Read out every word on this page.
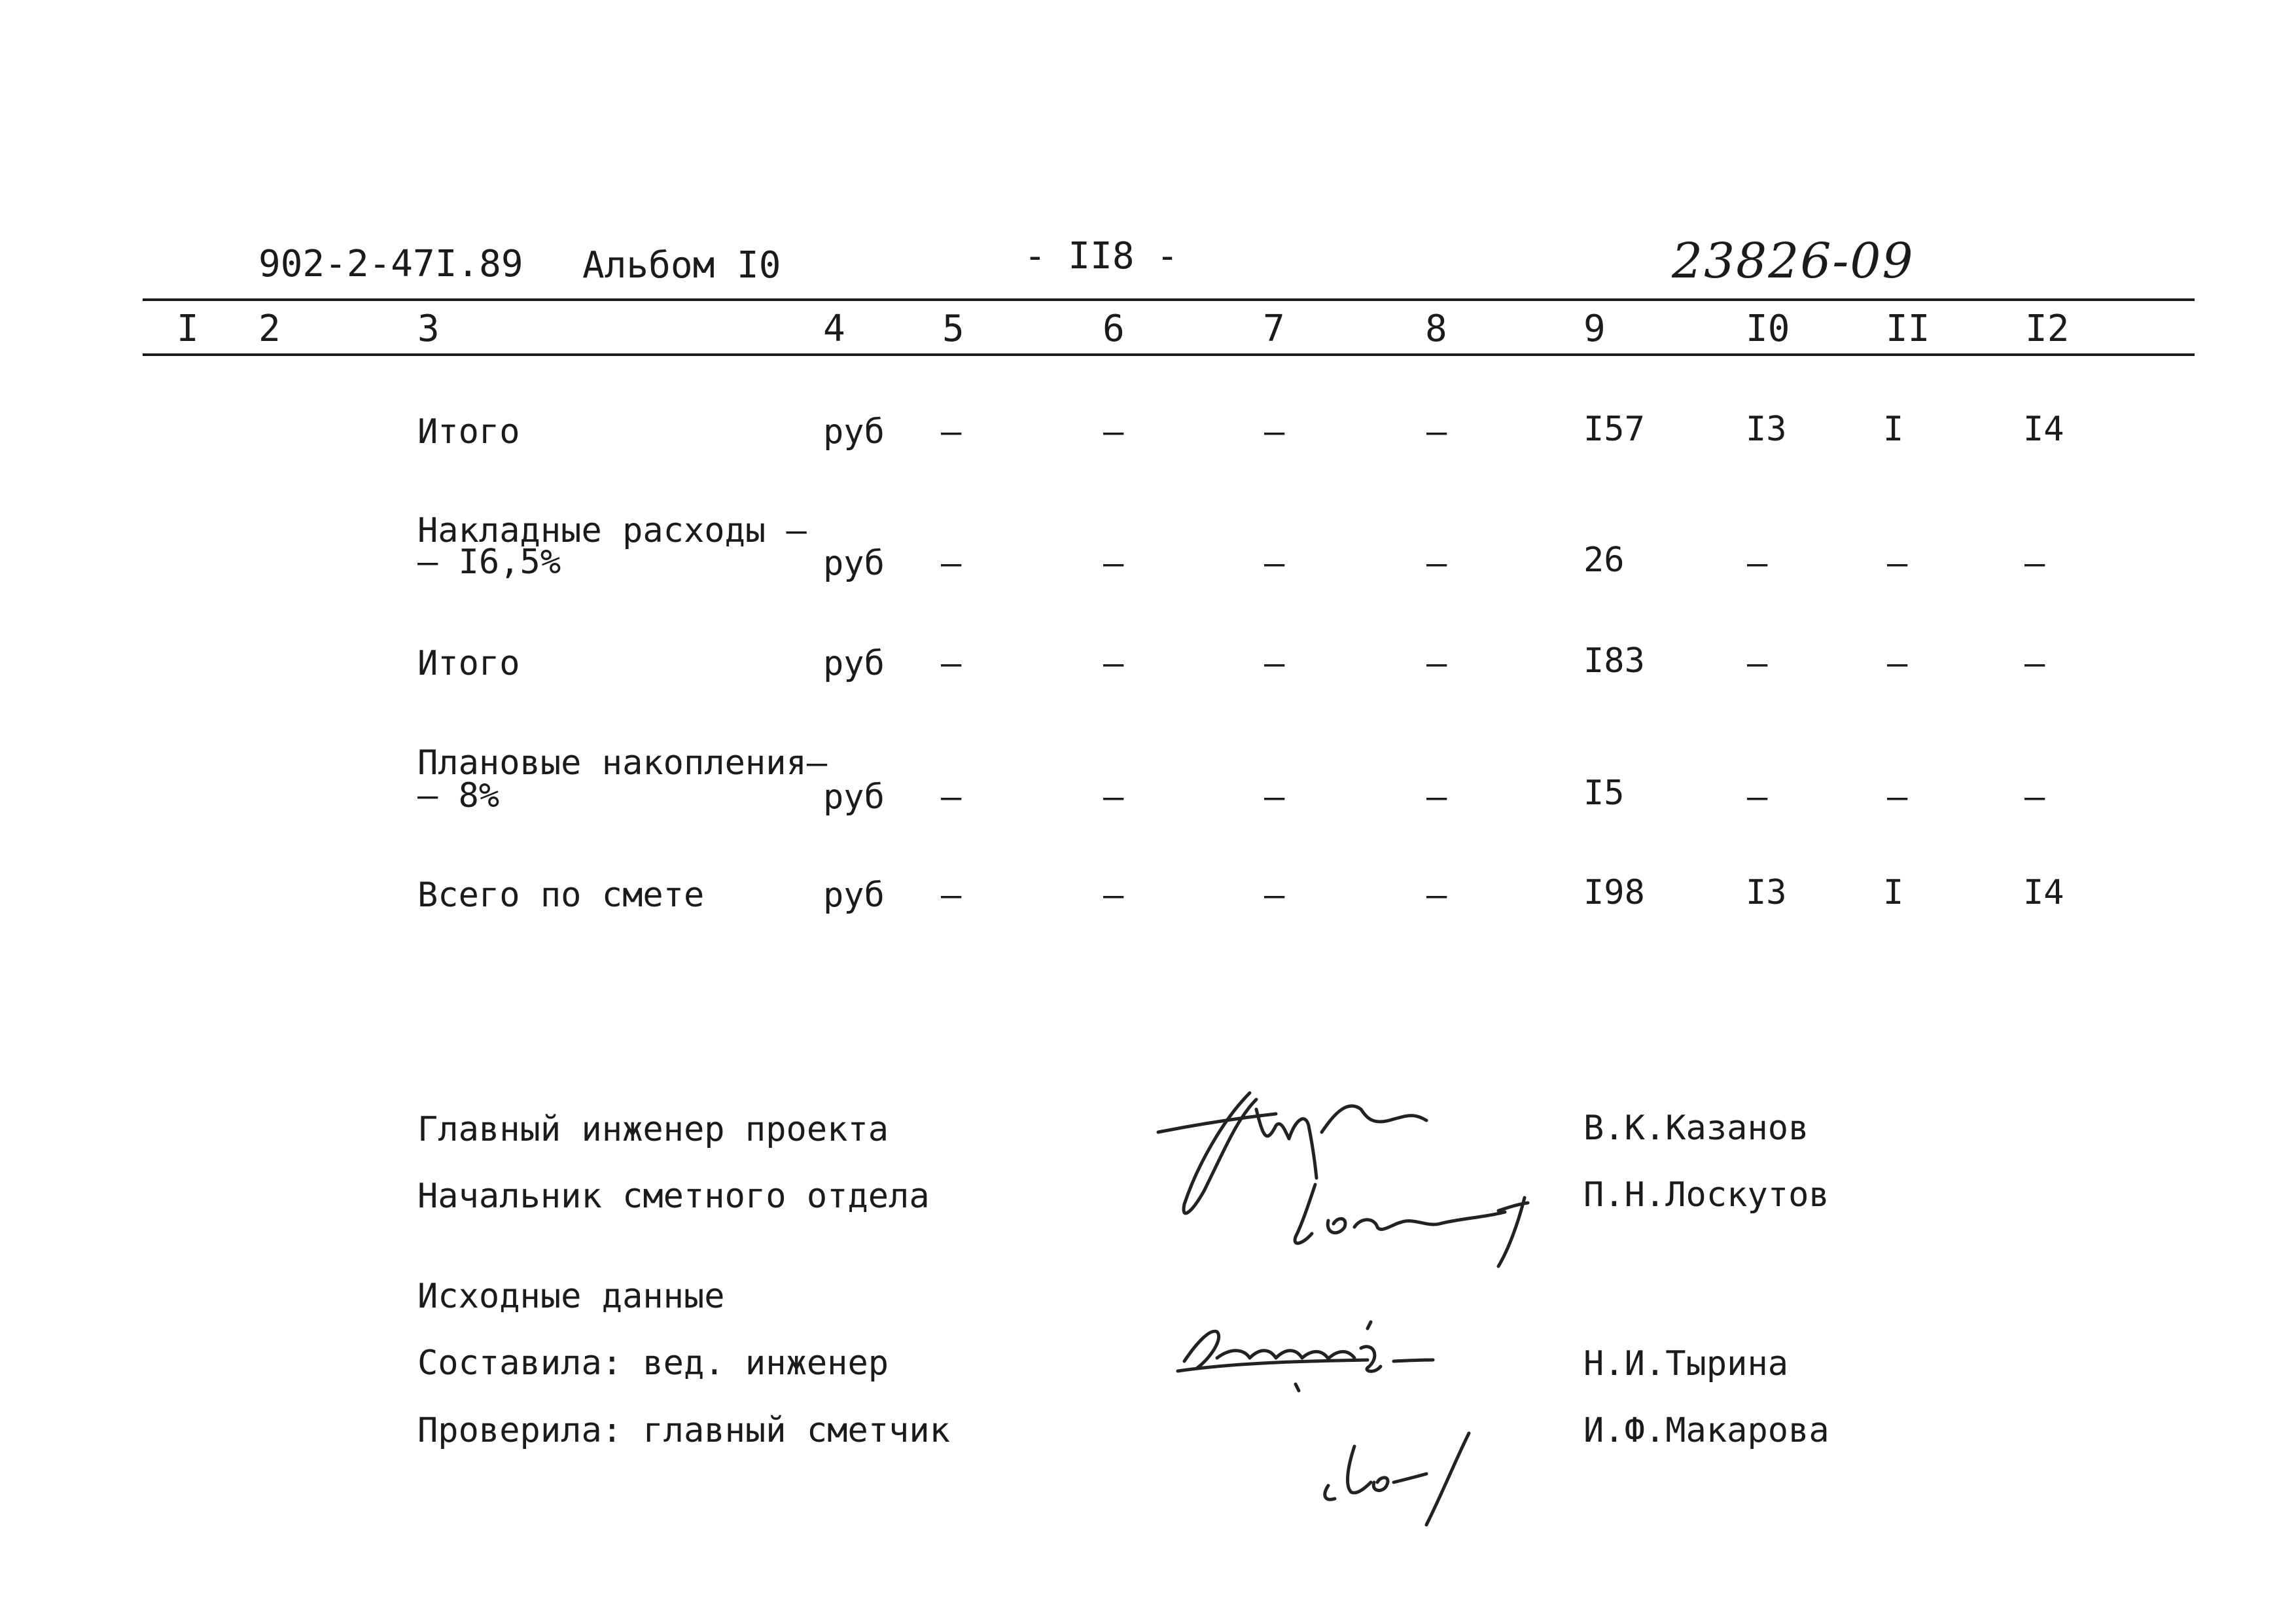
902-2-47I.89 Альбом I0	- II8 -	23826-09
I 2	3	4	5	6	7	8	9	I0	II	I2
Итого	руб –	–	–	–	I57	I3	I	I4
Накладные расходы –
– I6,5%	руб –	–	–	–	26	–	–	–
Итого	руб –	–	–	–	I83	–	–	–
Плановые накопления–
– 8%	руб –	–	–	–	I5	–	–	–
Всего по смете	руб –	–	–	–	I98	I3	I	I4
Главный инженер проекта
Начальник сметного отдела
Исходные данные
Составила: вед. инженер
Проверила: главный сметчик
В.К.Казанов
П.Н.Лоскутов
Н.И.Тырина
И.Ф.Макарова
